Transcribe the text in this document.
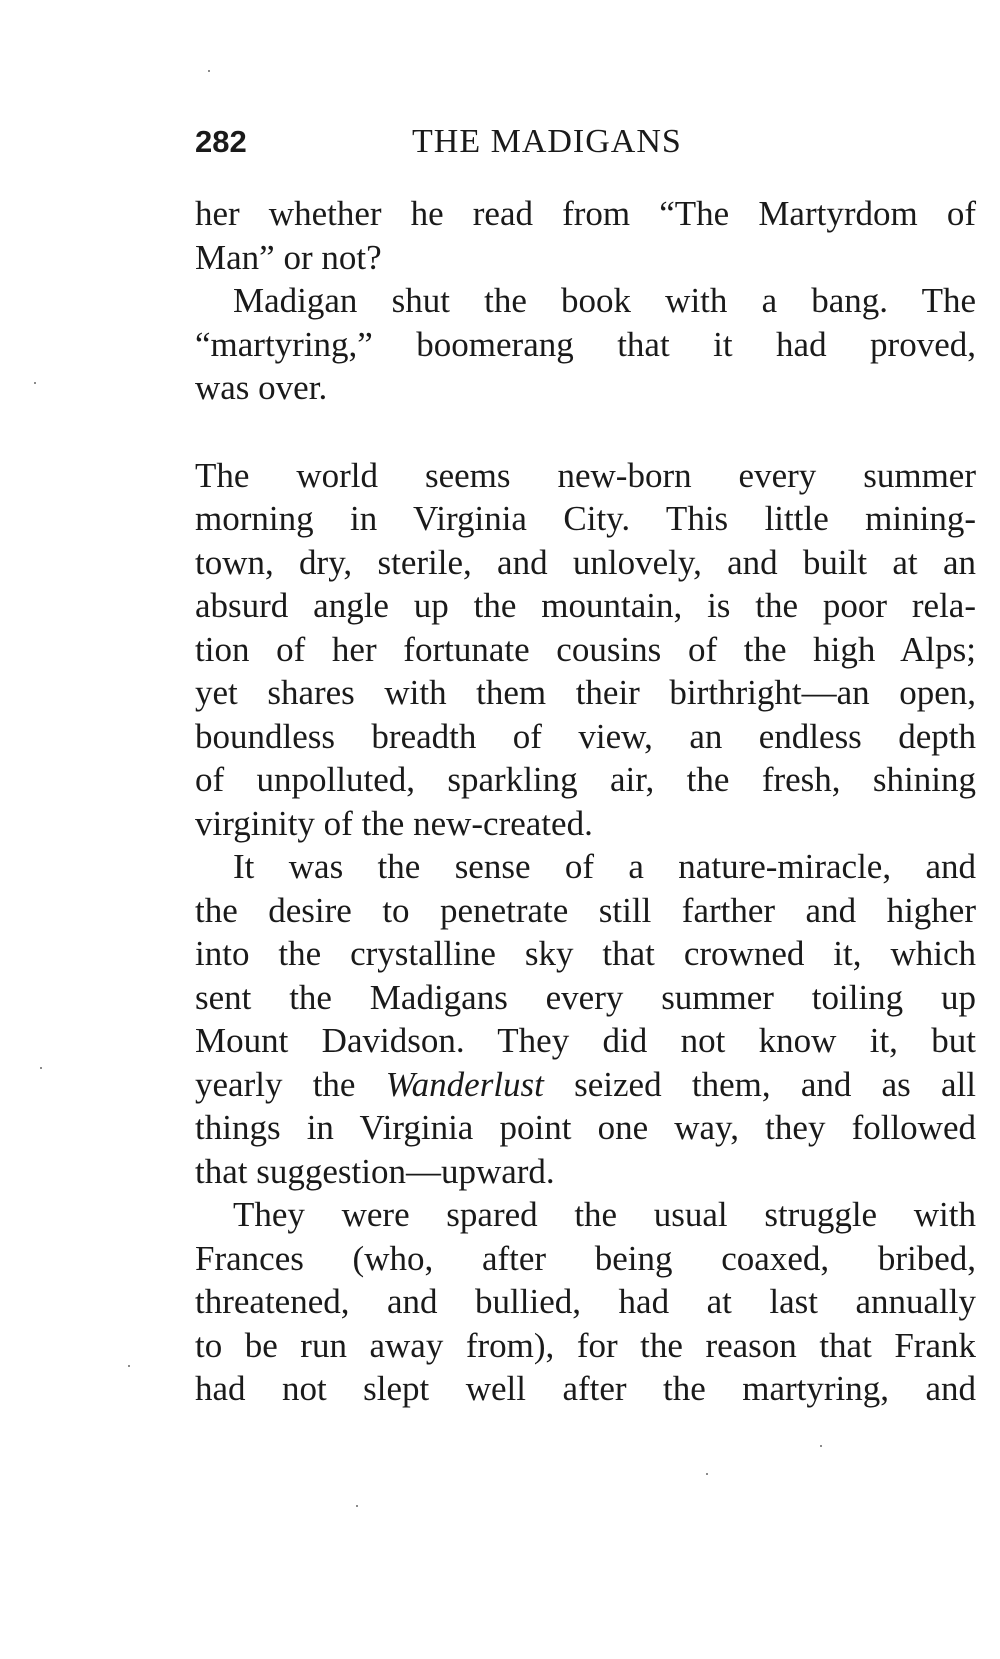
282	THE MADIGANS
her whether he read from “The Martyrdom of
Man” or not?
Madigan shut the book with a bang. The
“martyring,” boomerang that it had proved,
was over.
The world seems new-born every summer
morning in Virginia City. This little mining-
town, dry, sterile, and unlovely, and built at an
absurd angle up the mountain, is the poor rela-
tion of her fortunate cousins of the high Alps;
yet shares with them their birthright—an open,
boundless breadth of view, an endless depth
of unpolluted, sparkling air, the fresh, shining
virginity of the new-created.
It was the sense of a nature-miracle, and
the desire to penetrate still farther and higher
into the crystalline sky that crowned it, which
sent the Madigans every summer toiling up
Mount Davidson. They did not know it, but
yearly the Wanderlust seized them, and as all
things in Virginia point one way, they followed
that suggestion—upward.
They were spared the usual struggle with
Frances (who, after being coaxed, bribed,
threatened, and bullied, had at last annually
to be run away from), for the reason that Frank
had not slept well after the martyring, and
